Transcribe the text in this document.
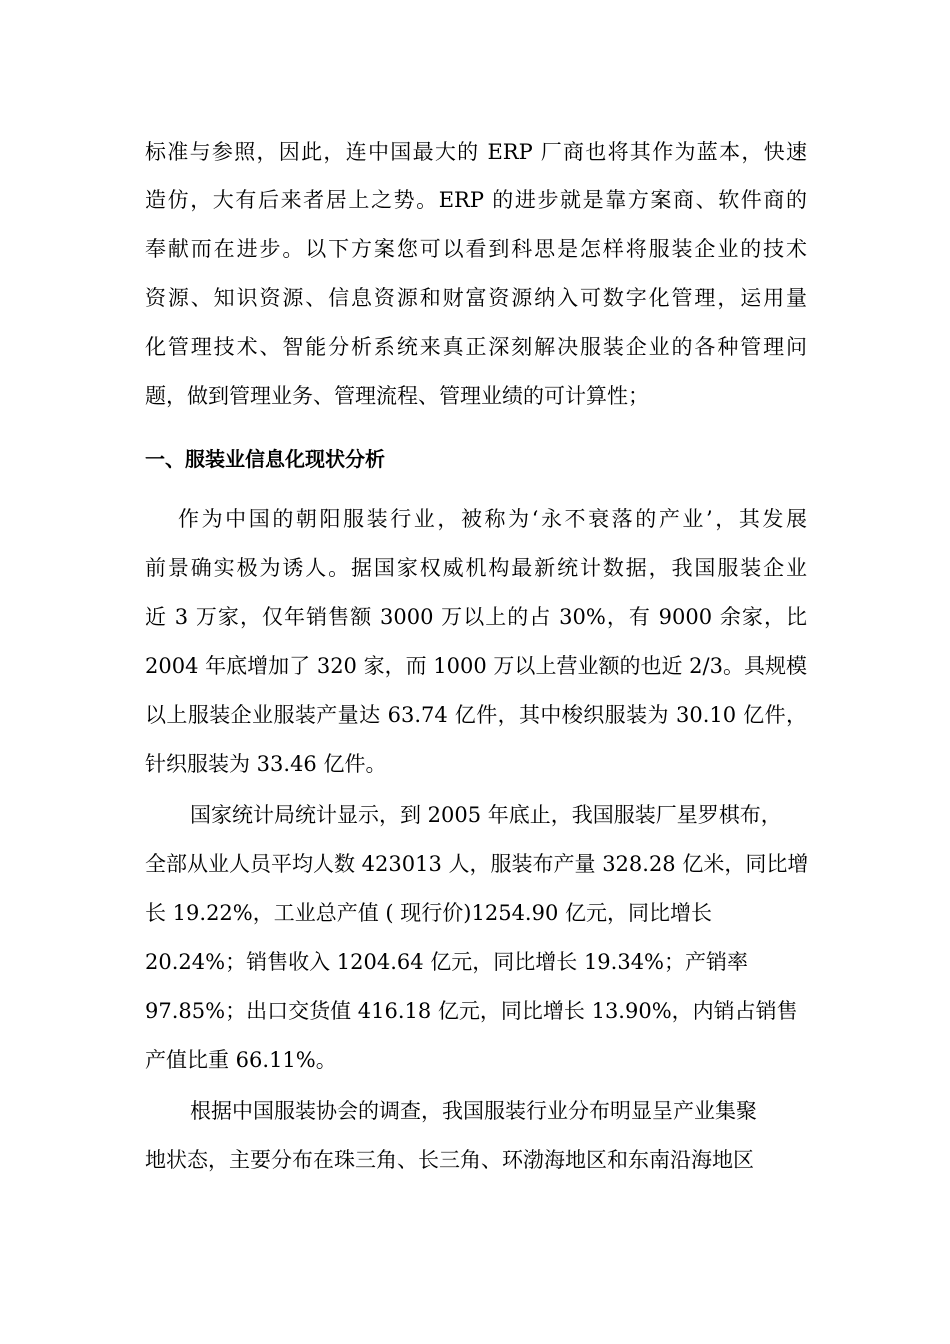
标准与参照，因此，连中国最大的 ERP 厂商也将其作为蓝本，快速

造仿，大有后来者居上之势。ERP 的进步就是靠方案商、软件商的

奉献而在进步。以下方案您可以看到科思是怎样将服装企业的技术

资源、知识资源、信息资源和财富资源纳入可数字化管理，运用量

化管理技术、智能分析系统来真正深刻解决服装企业的各种管理问

题，做到管理业务、管理流程、管理业绩的可计算性；

一、服装业信息化现状分析

作为中国的朝阳服装行业，被称为‘永不衰落的产业’，其发展

前景确实极为诱人。据国家权威机构最新统计数据，我国服装企业

近 3 万家，仅年销售额 3000 万以上的占 30%，有 9000 余家，比

2004 年底增加了 320 家，而 1000 万以上营业额的也近 2/3。具规模

以上服装企业服装产量达 63.74 亿件，其中梭织服装为 30.10 亿件，

针织服装为 33.46 亿件。

国家统计局统计显示，到 2005 年底止，我国服装厂星罗棋布，

全部从业人员平均人数 423013 人，服装布产量 328.28 亿米，同比增

长 19.22%，工业总产值 ( 现行价)1254.90 亿元，同比增长

20.24%；销售收入 1204.64 亿元，同比增长 19.34%；产销率

97.85%；出口交货值 416.18 亿元，同比增长 13.90%，内销占销售

产值比重 66.11%。

根据中国服装协会的调查，我国服装行业分布明显呈产业集聚

地状态，主要分布在珠三角、长三角、环渤海地区和东南沿海地区
